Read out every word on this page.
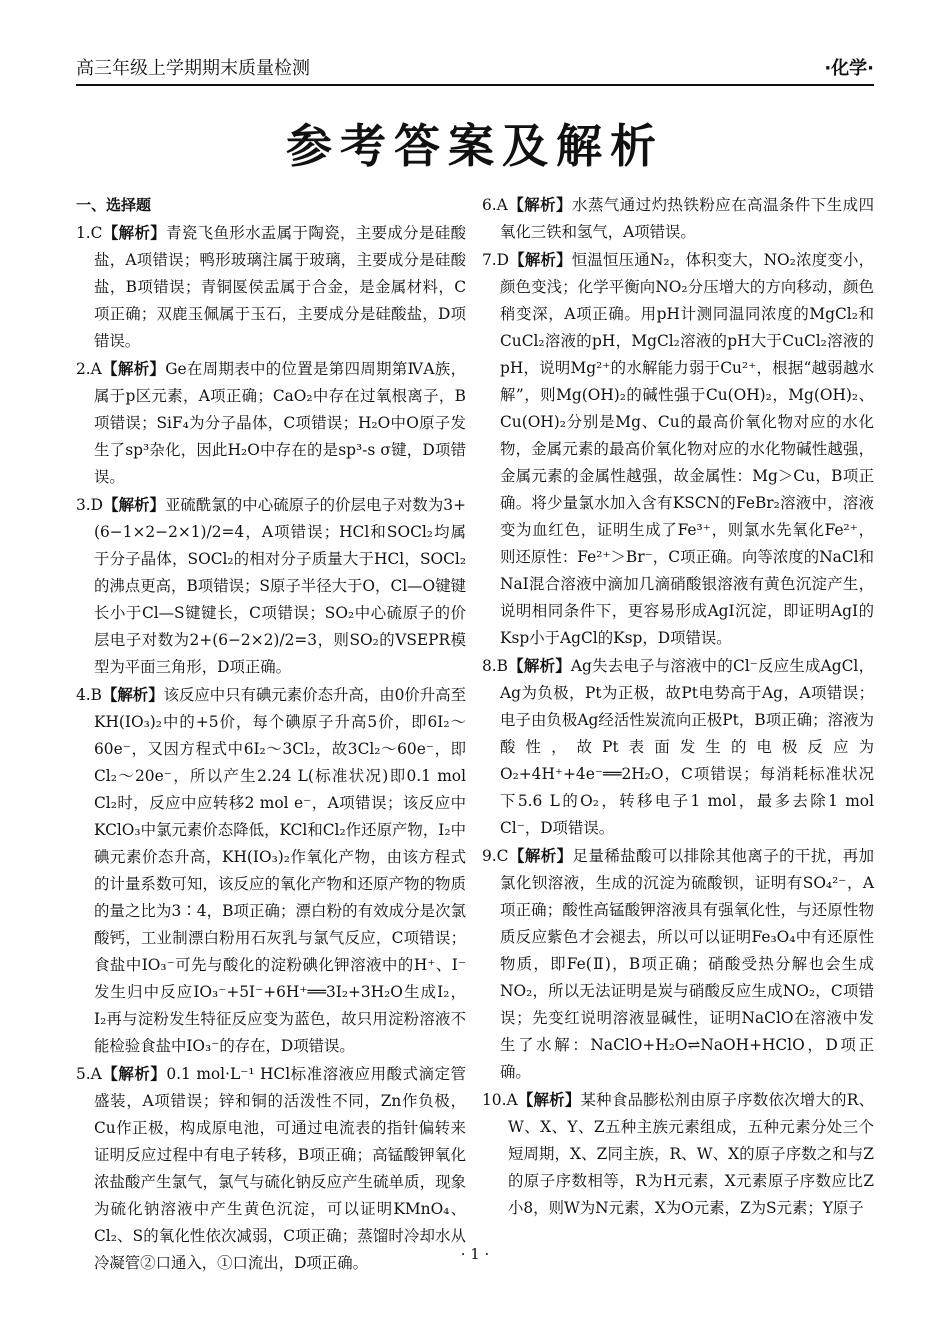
高三年级上学期期末质量检测	·化学·
参考答案及解析
一、选择题

1.C【解析】青瓷飞鱼形水盂属于陶瓷，主要成分是硅酸盐，A项错误；鸭形玻璃注属于玻璃，主要成分是硅酸盐，B项错误；青铜匽侯盂属于合金，是金属材料，C项正确；双鹿玉佩属于玉石，主要成分是硅酸盐，D项错误。

2.A【解析】Ge在周期表中的位置是第四周期第ⅣA族，属于p区元素，A项正确；CaO₂中存在过氧根离子，B项错误；SiF₄为分子晶体，C项错误；H₂O中O原子发生了sp³杂化，因此H₂O中存在的是sp³-s σ键，D项错误。

3.D【解析】亚硫酰氯的中心硫原子的价层电子对数为3+(6−1×2−2×1)/2=4，A项错误；HCl和SOCl₂均属于分子晶体，SOCl₂的相对分子质量大于HCl，SOCl₂的沸点更高，B项错误；S原子半径大于O，Cl—O键键长小于Cl—S键键长，C项错误；SO₂中心硫原子的价层电子对数为2+(6−2×2)/2=3，则SO₂的VSEPR模型为平面三角形，D项正确。

4.B【解析】该反应中只有碘元素价态升高，由0价升高至KH(IO₃)₂中的+5价，每个碘原子升高5价，即6I₂～60e⁻，又因方程式中6I₂～3Cl₂，故3Cl₂～60e⁻，即Cl₂～20e⁻，所以产生2.24 L(标准状况)即0.1 mol Cl₂时，反应中应转移2 mol e⁻，A项错误；该反应中KClO₃中氯元素价态降低，KCl和Cl₂作还原产物，I₂中碘元素价态升高，KH(IO₃)₂作氧化产物，由该方程式的计量系数可知，该反应的氧化产物和还原产物的物质的量之比为3∶4，B项正确；漂白粉的有效成分是次氯酸钙，工业制漂白粉用石灰乳与氯气反应，C项错误；食盐中IO₃⁻可先与酸化的淀粉碘化钾溶液中的H⁺、I⁻发生归中反应IO₃⁻+5I⁻+6H⁺══3I₂+3H₂O生成I₂，I₂再与淀粉发生特征反应变为蓝色，故只用淀粉溶液不能检验食盐中IO₃⁻的存在，D项错误。

5.A【解析】0.1 mol·L⁻¹ HCl标准溶液应用酸式滴定管盛装，A项错误；锌和铜的活泼性不同，Zn作负极，Cu作正极，构成原电池，可通过电流表的指针偏转来证明反应过程中有电子转移，B项正确；高锰酸钾氧化浓盐酸产生氯气，氯气与硫化钠反应产生硫单质，现象为硫化钠溶液中产生黄色沉淀，可以证明KMnO₄、Cl₂、S的氧化性依次减弱，C项正确；蒸馏时冷却水从冷凝管②口通入，①口流出，D项正确。

6.A【解析】水蒸气通过灼热铁粉应在高温条件下生成四氧化三铁和氢气，A项错误。

7.D【解析】恒温恒压通N₂，体积变大，NO₂浓度变小，颜色变浅；化学平衡向NO₂分压增大的方向移动，颜色稍变深，A项正确。用pH计测同温同浓度的MgCl₂和CuCl₂溶液的pH，MgCl₂溶液的pH大于CuCl₂溶液的pH，说明Mg²⁺的水解能力弱于Cu²⁺，根据“越弱越水解”，则Mg(OH)₂的碱性强于Cu(OH)₂，Mg(OH)₂、Cu(OH)₂分别是Mg、Cu的最高价氧化物对应的水化物，金属元素的最高价氧化物对应的水化物碱性越强，金属元素的金属性越强，故金属性：Mg＞Cu，B项正确。将少量氯水加入含有KSCN的FeBr₂溶液中，溶液变为血红色，证明生成了Fe³⁺，则氯水先氧化Fe²⁺，则还原性：Fe²⁺＞Br⁻，C项正确。向等浓度的NaCl和NaI混合溶液中滴加几滴硝酸银溶液有黄色沉淀产生，说明相同条件下，更容易形成AgI沉淀，即证明AgI的Ksp小于AgCl的Ksp，D项错误。

8.B【解析】Ag失去电子与溶液中的Cl⁻反应生成AgCl，Ag为负极，Pt为正极，故Pt电势高于Ag，A项错误；电子由负极Ag经活性炭流向正极Pt，B项正确；溶液为酸性，故Pt表面发生的电极反应为O₂+4H⁺+4e⁻══2H₂O，C项错误；每消耗标准状况下5.6 L的O₂，转移电子1 mol，最多去除1 mol Cl⁻，D项错误。

9.C【解析】足量稀盐酸可以排除其他离子的干扰，再加氯化钡溶液，生成的沉淀为硫酸钡，证明有SO₄²⁻，A项正确；酸性高锰酸钾溶液具有强氧化性，与还原性物质反应紫色才会褪去，所以可以证明Fe₃O₄中有还原性物质，即Fe(Ⅱ)，B项正确；硝酸受热分解也会生成NO₂，所以无法证明是炭与硝酸反应生成NO₂，C项错误；先变红说明溶液显碱性，证明NaClO在溶液中发生了水解：NaClO+H₂O⇌NaOH+HClO，D项正确。

10.A【解析】某种食品膨松剂由原子序数依次增大的R、W、X、Y、Z五种主族元素组成，五种元素分处三个短周期，X、Z同主族，R、W、X的原子序数之和与Z的原子序数相等，R为H元素，X元素原子序数应比Z小8，则W为N元素，X为O元素，Z为S元素；Y原子

· 1 ·
